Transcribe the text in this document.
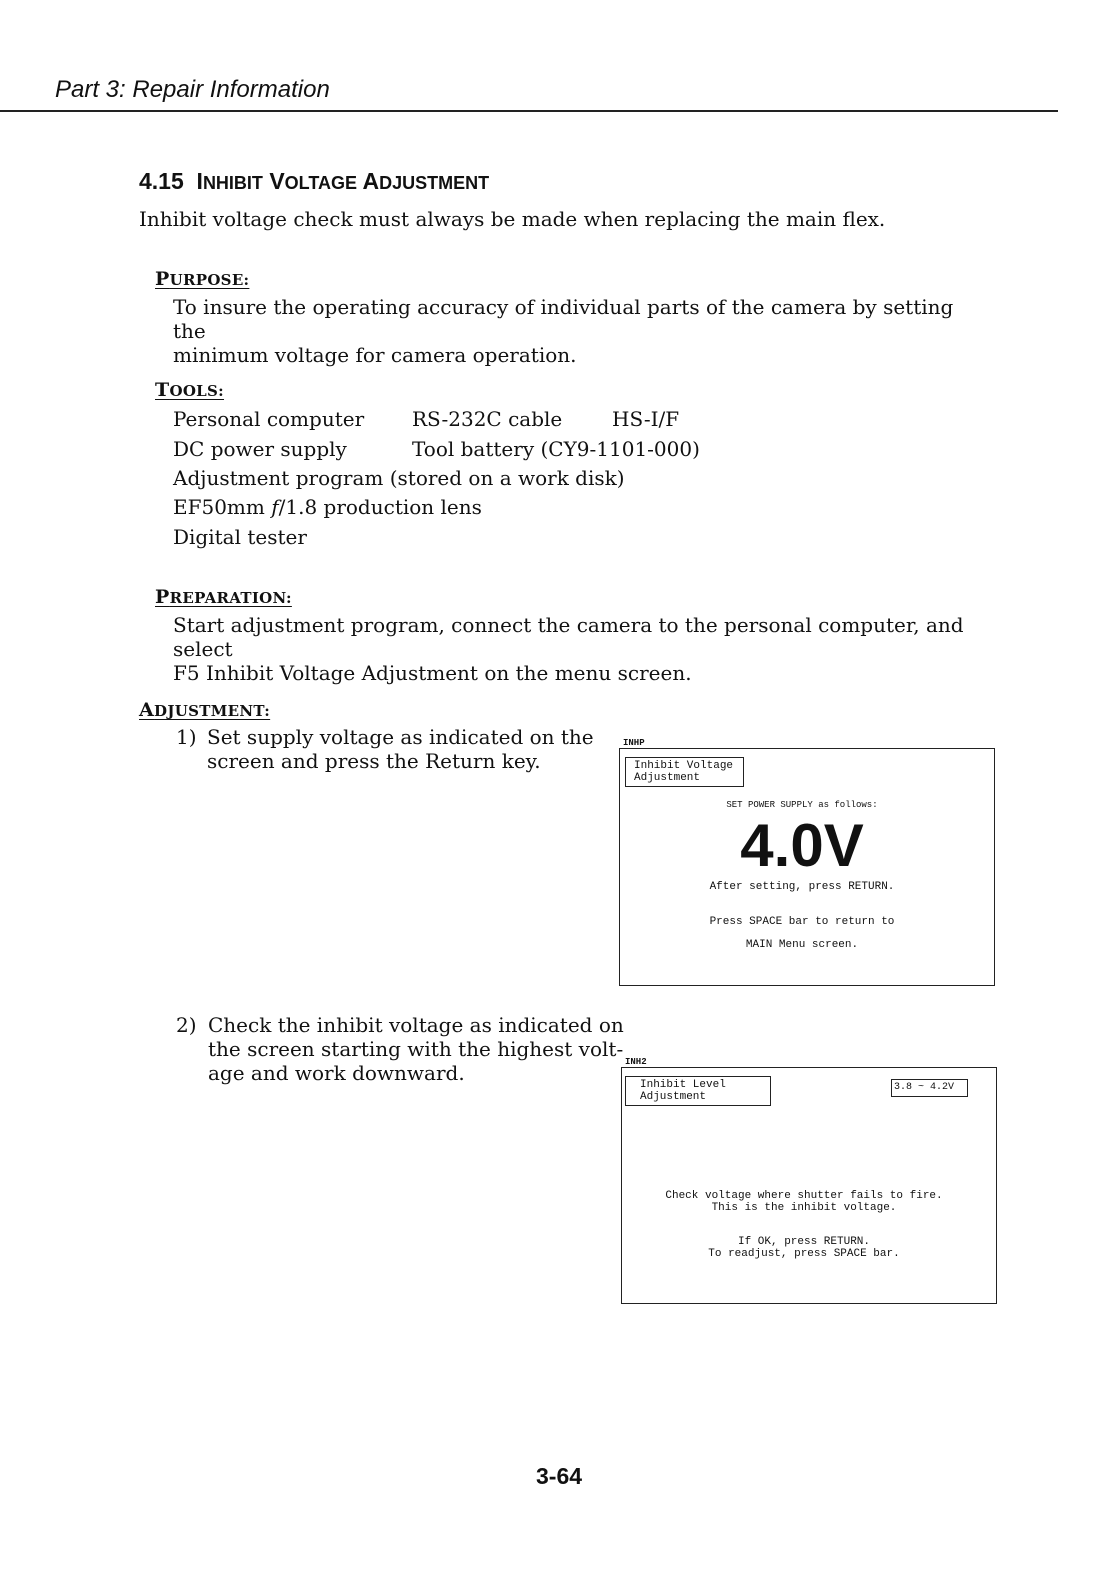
Part 3: Repair Information
4.15 INHIBIT VOLTAGE ADJUSTMENT
Inhibit voltage check must always be made when replacing the main flex.
PURPOSE:
To insure the operating accuracy of individual parts of the camera by setting the
minimum voltage for camera operation.
TOOLS:
Personal computer RS-232C cable HS-I/F
DC power supply	Tool battery (CY9-1101-000)
Adjustment program (stored on a work disk)
EF50mm f/1.8 production lens
Digital tester
PREPARATION:
Start adjustment program, connect the camera to the personal computer, and select
F5 Inhibit Voltage Adjustment on the menu screen.
ADJUSTMENT:
1) Set supply voltage as indicated on the
screen and press the Return key.
INHP
Inhibit Voltage
Adjustment
SET POWER SUPPLY as follows:
4.0V
After setting, press RETURN.
Press SPACE bar to return to
MAIN Menu screen.
2) Check the inhibit voltage as indicated on
the screen starting with the highest volt-
age and work downward.	INH2
Inhibit Level
Adjustment
3.8 ~ 4.2V
Check voltage where shutter fails to fire.
This is the inhibit voltage.
If OK, press RETURN.
To readjust, press SPACE bar.
3-64
